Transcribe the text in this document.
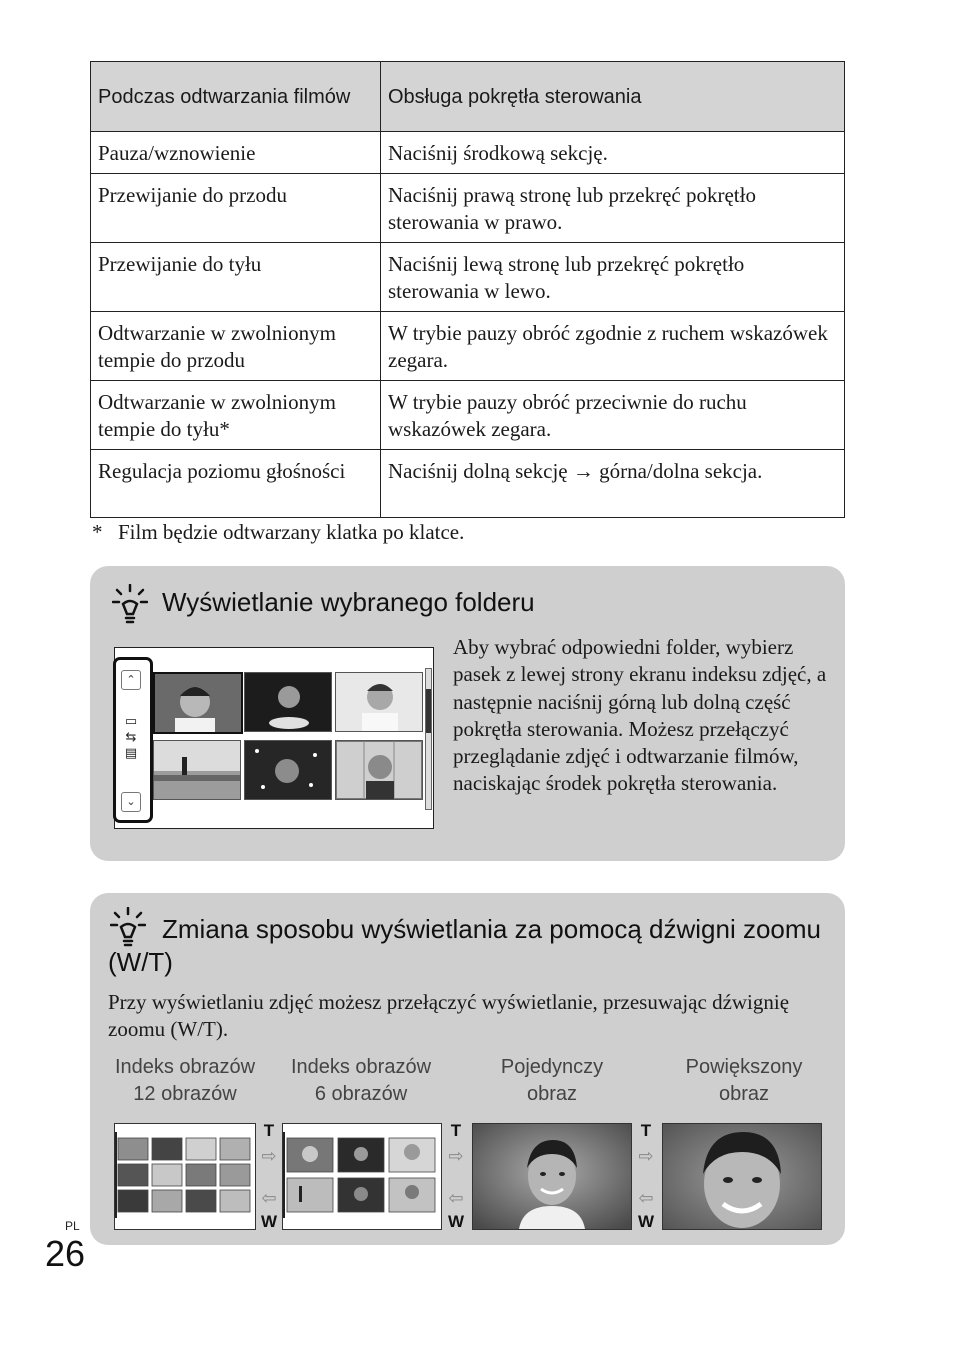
Podczas odtwarzania filmów	Obsługa pokrętła sterowania
Pauza/wznowienie	Naciśnij środkową sekcję.
Przewijanie do przodu	Naciśnij prawą stronę lub przekręć pokrętło sterowania w prawo.
Przewijanie do tyłu	Naciśnij lewą stronę lub przekręć pokrętło sterowania w lewo.
Odtwarzanie w zwolnionym tempie do przodu	W trybie pauzy obróć zgodnie z ruchem wskazówek zegara.
Odtwarzanie w zwolnionym tempie do tyłu*	W trybie pauzy obróć przeciwnie do ruchu wskazówek zegara.
Regulacja poziomu głośności	Naciśnij dolną sekcję → górna/dolna sekcja.
* Film będzie odtwarzany klatka po klatce.
Wyświetlanie wybranego folderu
⌃
▭
⇆
▤
⌄
Aby wybrać odpowiedni folder, wybierz pasek z lewej strony ekranu indeksu zdjęć, a następnie naciśnij górną lub dolną część pokrętła sterowania. Możesz przełączyć przeglądanie zdjęć i odtwarzanie filmów, naciskając środek pokrętła sterowania.
Zmiana sposobu wyświetlania za pomocą dźwigni zoomu (W/T)
Przy wyświetlaniu zdjęć możesz przełączyć wyświetlanie, przesuwając dźwignię zoomu (W/T).
Indeks obrazów
12 obrazów
Indeks obrazów
6 obrazów
Pojedynczy
obraz
Powiększony
obraz
T
⇨
⇦
W
T
⇨
⇦
W
T
⇨
⇦
W
PL
26
